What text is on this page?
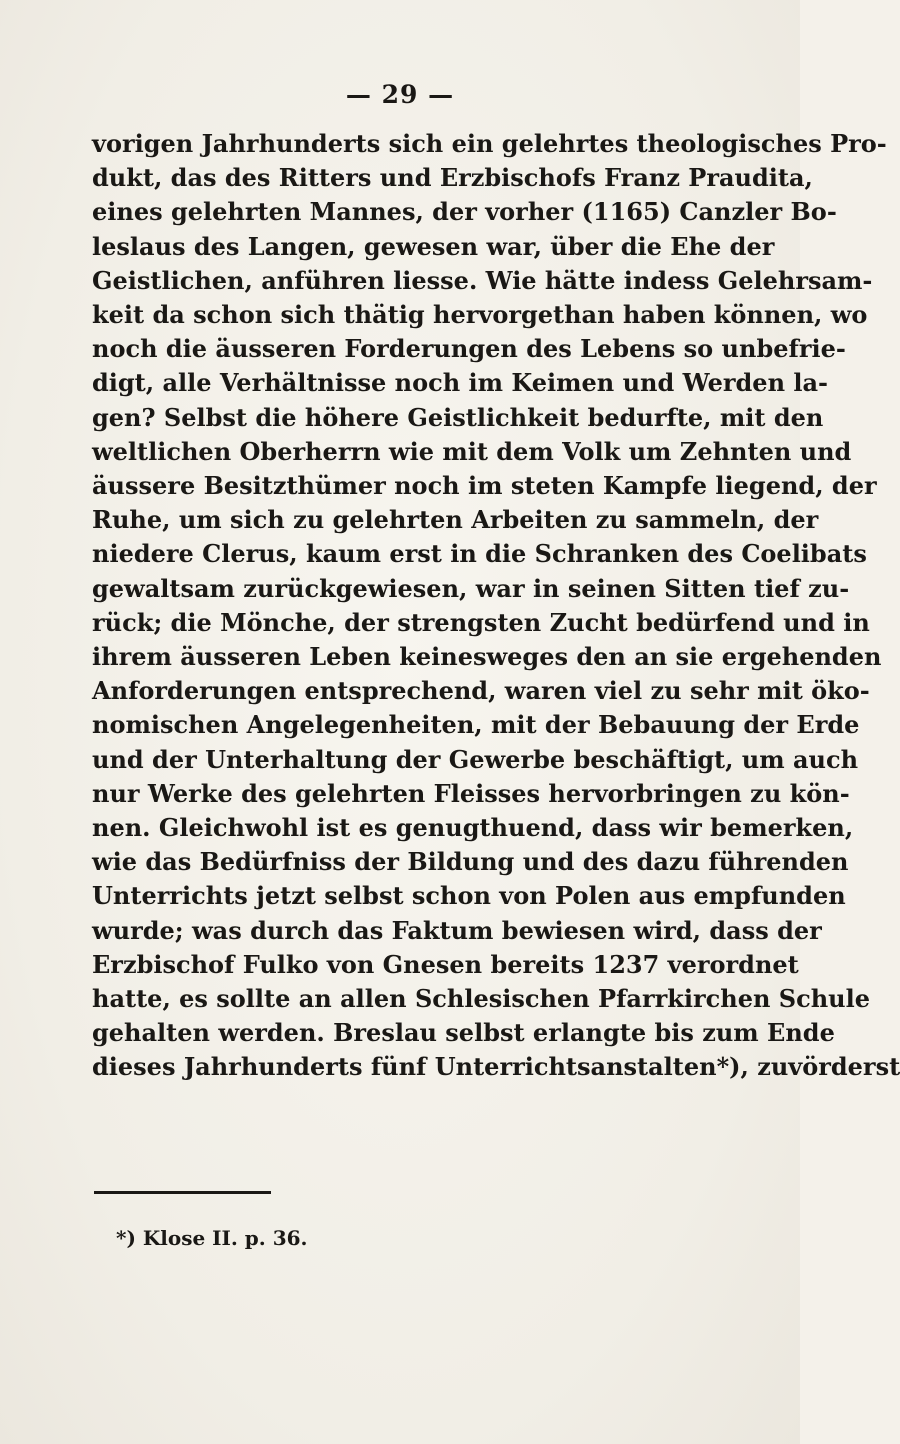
— 29 —
vorigen Jahrhunderts sich ein gelehrtes theologisches Pro-
dukt, das des Ritters und Erzbischofs Franz Praudita,
eines gelehrten Mannes, der vorher (1165) Canzler Bo-
leslaus des Langen, gewesen war, über die Ehe der
Geistlichen, anführen liesse. Wie hätte indess Gelehrsam-
keit da schon sich thätig hervorgethan haben können, wo
noch die äusseren Forderungen des Lebens so unbefrie-
digt, alle Verhältnisse noch im Keimen und Werden la-
gen? Selbst die höhere Geistlichkeit bedurfte, mit den
weltlichen Oberherrn wie mit dem Volk um Zehnten und
äussere Besitzthümer noch im steten Kampfe liegend, der
Ruhe, um sich zu gelehrten Arbeiten zu sammeln, der
niedere Clerus, kaum erst in die Schranken des Coelibats
gewaltsam zurückgewiesen, war in seinen Sitten tief zu-
rück; die Mönche, der strengsten Zucht bedürfend und in
ihrem äusseren Leben keinesweges den an sie ergehenden
Anforderungen entsprechend, waren viel zu sehr mit öko-
nomischen Angelegenheiten, mit der Bebauung der Erde
und der Unterhaltung der Gewerbe beschäftigt, um auch
nur Werke des gelehrten Fleisses hervorbringen zu kön-
nen. Gleichwohl ist es genugthuend, dass wir bemerken,
wie das Bedürfniss der Bildung und des dazu führenden
Unterrichts jetzt selbst schon von Polen aus empfunden
wurde; was durch das Faktum bewiesen wird, dass der
Erzbischof Fulko von Gnesen bereits 1237 verordnet
hatte, es sollte an allen Schlesischen Pfarrkirchen Schule
gehalten werden. Breslau selbst erlangte bis zum Ende
dieses Jahrhunderts fünf Unterrichtsanstalten*), zuvörderst
*) Klose II. p. 36.
